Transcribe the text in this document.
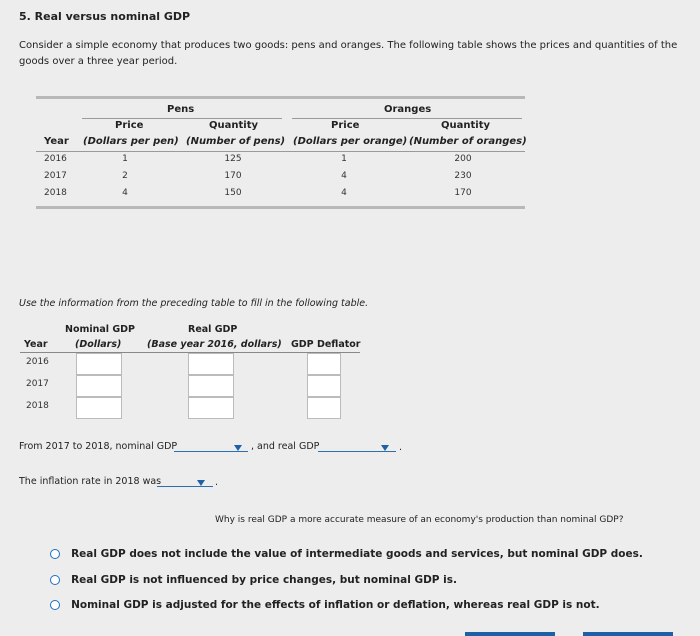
5. Real versus nominal GDP
Consider a simple economy that produces two goods: pens and oranges. The following table shows the prices and quantities of the goods over a three year period.
Pens	Oranges
Price	Quantity	Price	Quantity
Year (Dollars per pen) (Number of pens) (Dollars per orange) (Number of oranges)
2016	1	125	1	200
2017	2	170	4	230
2018	4	150	4	170
Use the information from the preceding table to fill in the following table.
Nominal GDP	Real GDP
Year	(Dollars)	(Base year 2016, dollars) GDP Deflator
2016
2017
2018
From 2017 to 2018, nominal GDP	, and real GDP	.
The inflation rate in 2018 was	.
Why is real GDP a more accurate measure of an economy's production than nominal GDP?
Real GDP does not include the value of intermediate goods and services, but nominal GDP does.
Real GDP is not influenced by price changes, but nominal GDP is.
Nominal GDP is adjusted for the effects of inflation or deflation, whereas real GDP is not.
